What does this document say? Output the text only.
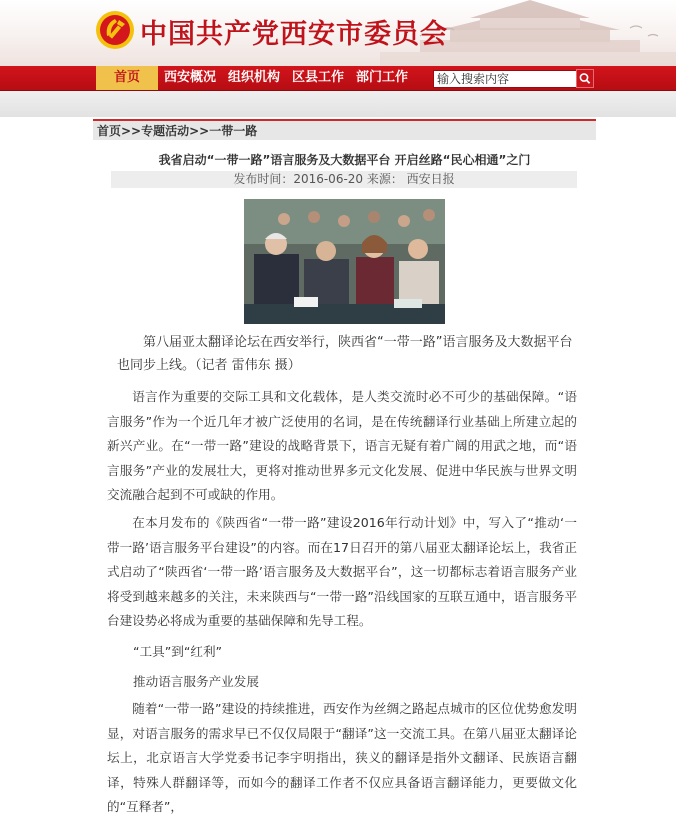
中国共产党西安市委员会
首页	西安概况 组织机构 区县工作 部门工作
输入搜索内容
首页>>专题活动>>一带一路
我省启动“一带一路”语言服务及大数据平台 开启丝路“民心相通”之门
发布时间：2016-06-20 来源： 西安日报
第八届亚太翻译论坛在西安举行，陕西省“一带一路”语言服务及大数据平台也同步上线。（记者 雷伟东 摄）
语言作为重要的交际工具和文化载体，是人类交流时必不可少的基础保障。“语言服务”作为一个近几年才被广泛使用的名词，是在传统翻译行业基础上所建立起的新兴产业。在“一带一路”建设的战略背景下，语言无疑有着广阔的用武之地，而“语言服务”产业的发展壮大，更将对推动世界多元文化发展、促进中华民族与世界文明交流融合起到不可或缺的作用。
在本月发布的《陕西省“一带一路”建设2016年行动计划》中，写入了“推动‘一带一路’语言服务平台建设”的内容。而在17日召开的第八届亚太翻译论坛上，我省正式启动了“陕西省‘一带一路’语言服务及大数据平台”，这一切都标志着语言服务产业将受到越来越多的关注，未来陕西与“一带一路”沿线国家的互联互通中，语言服务平台建设势必将成为重要的基础保障和先导工程。
“工具”到“红利”
推动语言服务产业发展
随着“一带一路”建设的持续推进，西安作为丝绸之路起点城市的区位优势愈发明显，对语言服务的需求早已不仅仅局限于“翻译”这一交流工具。在第八届亚太翻译论坛上，北京语言大学党委书记李宇明指出，狭义的翻译是指外文翻译、民族语言翻译，特殊人群翻译等，而如今的翻译工作者不仅应具备语言翻译能力，更要做文化的“互释者”，
